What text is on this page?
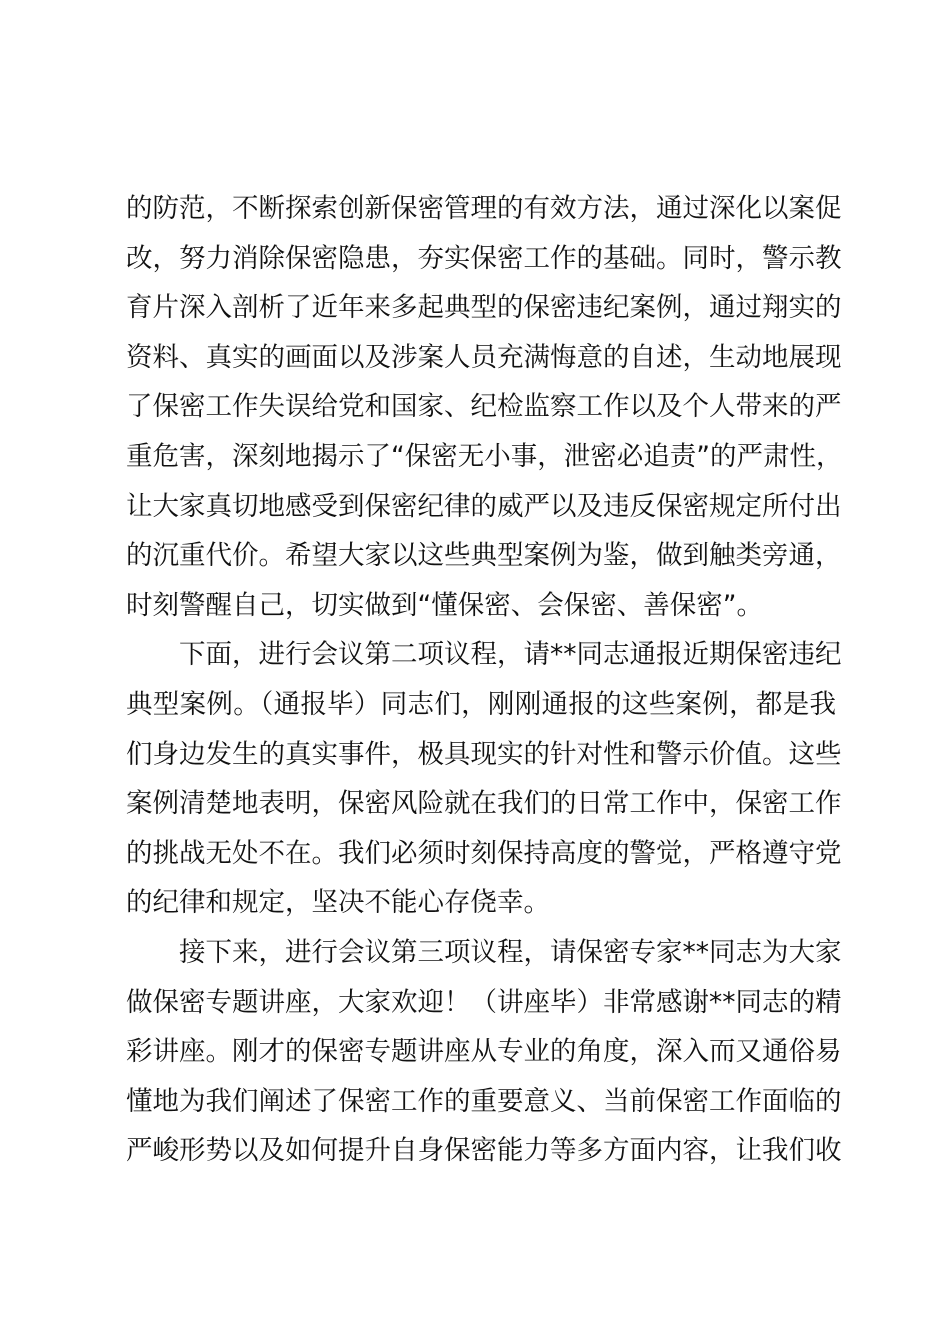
的防范，不断探索创新保密管理的有效方法，通过深化以案促
改，努力消除保密隐患，夯实保密工作的基础。同时，警示教
育片深入剖析了近年来多起典型的保密违纪案例，通过翔实的
资料、真实的画面以及涉案人员充满悔意的自述，生动地展现
了保密工作失误给党和国家、纪检监察工作以及个人带来的严
重危害，深刻地揭示了“保密无小事，泄密必追责”的严肃性，
让大家真切地感受到保密纪律的威严以及违反保密规定所付出
的沉重代价。希望大家以这些典型案例为鉴，做到触类旁通，
时刻警醒自己，切实做到“懂保密、会保密、善保密”。
下面，进行会议第二项议程，请**同志通报近期保密违纪
典型案例。（通报毕）同志们，刚刚通报的这些案例，都是我
们身边发生的真实事件，极具现实的针对性和警示价值。这些
案例清楚地表明，保密风险就在我们的日常工作中，保密工作
的挑战无处不在。我们必须时刻保持高度的警觉，严格遵守党
的纪律和规定，坚决不能心存侥幸。
接下来，进行会议第三项议程，请保密专家**同志为大家
做保密专题讲座，大家欢迎！（讲座毕）非常感谢**同志的精
彩讲座。刚才的保密专题讲座从专业的角度，深入而又通俗易
懂地为我们阐述了保密工作的重要意义、当前保密工作面临的
严峻形势以及如何提升自身保密能力等多方面内容，让我们收
